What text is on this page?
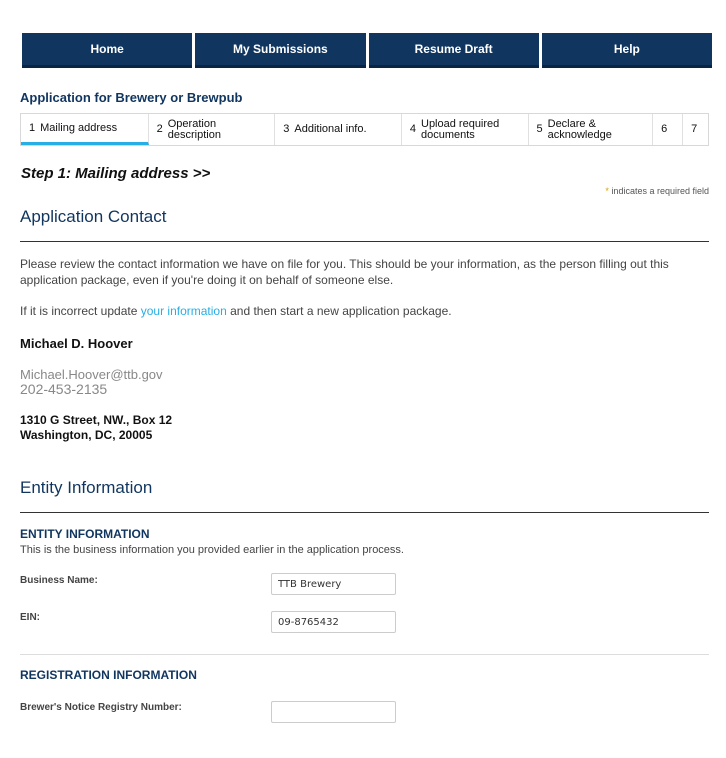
Home	My Submissions	Resume Draft	Help
Application for Brewery or Brewpub
1 Mailing address	2 Operation description	3 Additional info.	4 Upload required documents	5 Declare & acknowledge	6 7
Step 1: Mailing address >>
* indicates a required field
Application Contact
Please review the contact information we have on file for you. This should be your information, as the person filling out this application package, even if you're doing it on behalf of someone else.
If it is incorrect update your information and then start a new application package.
Michael D. Hoover
Michael.Hoover@ttb.gov
202-453-2135
1310 G Street, NW., Box 12
Washington, DC, 20005
Entity Information
ENTITY INFORMATION
This is the business information you provided earlier in the application process.
Business Name:
TTB Brewery
EIN:
09-8765432
REGISTRATION INFORMATION
Brewer's Notice Registry Number:
